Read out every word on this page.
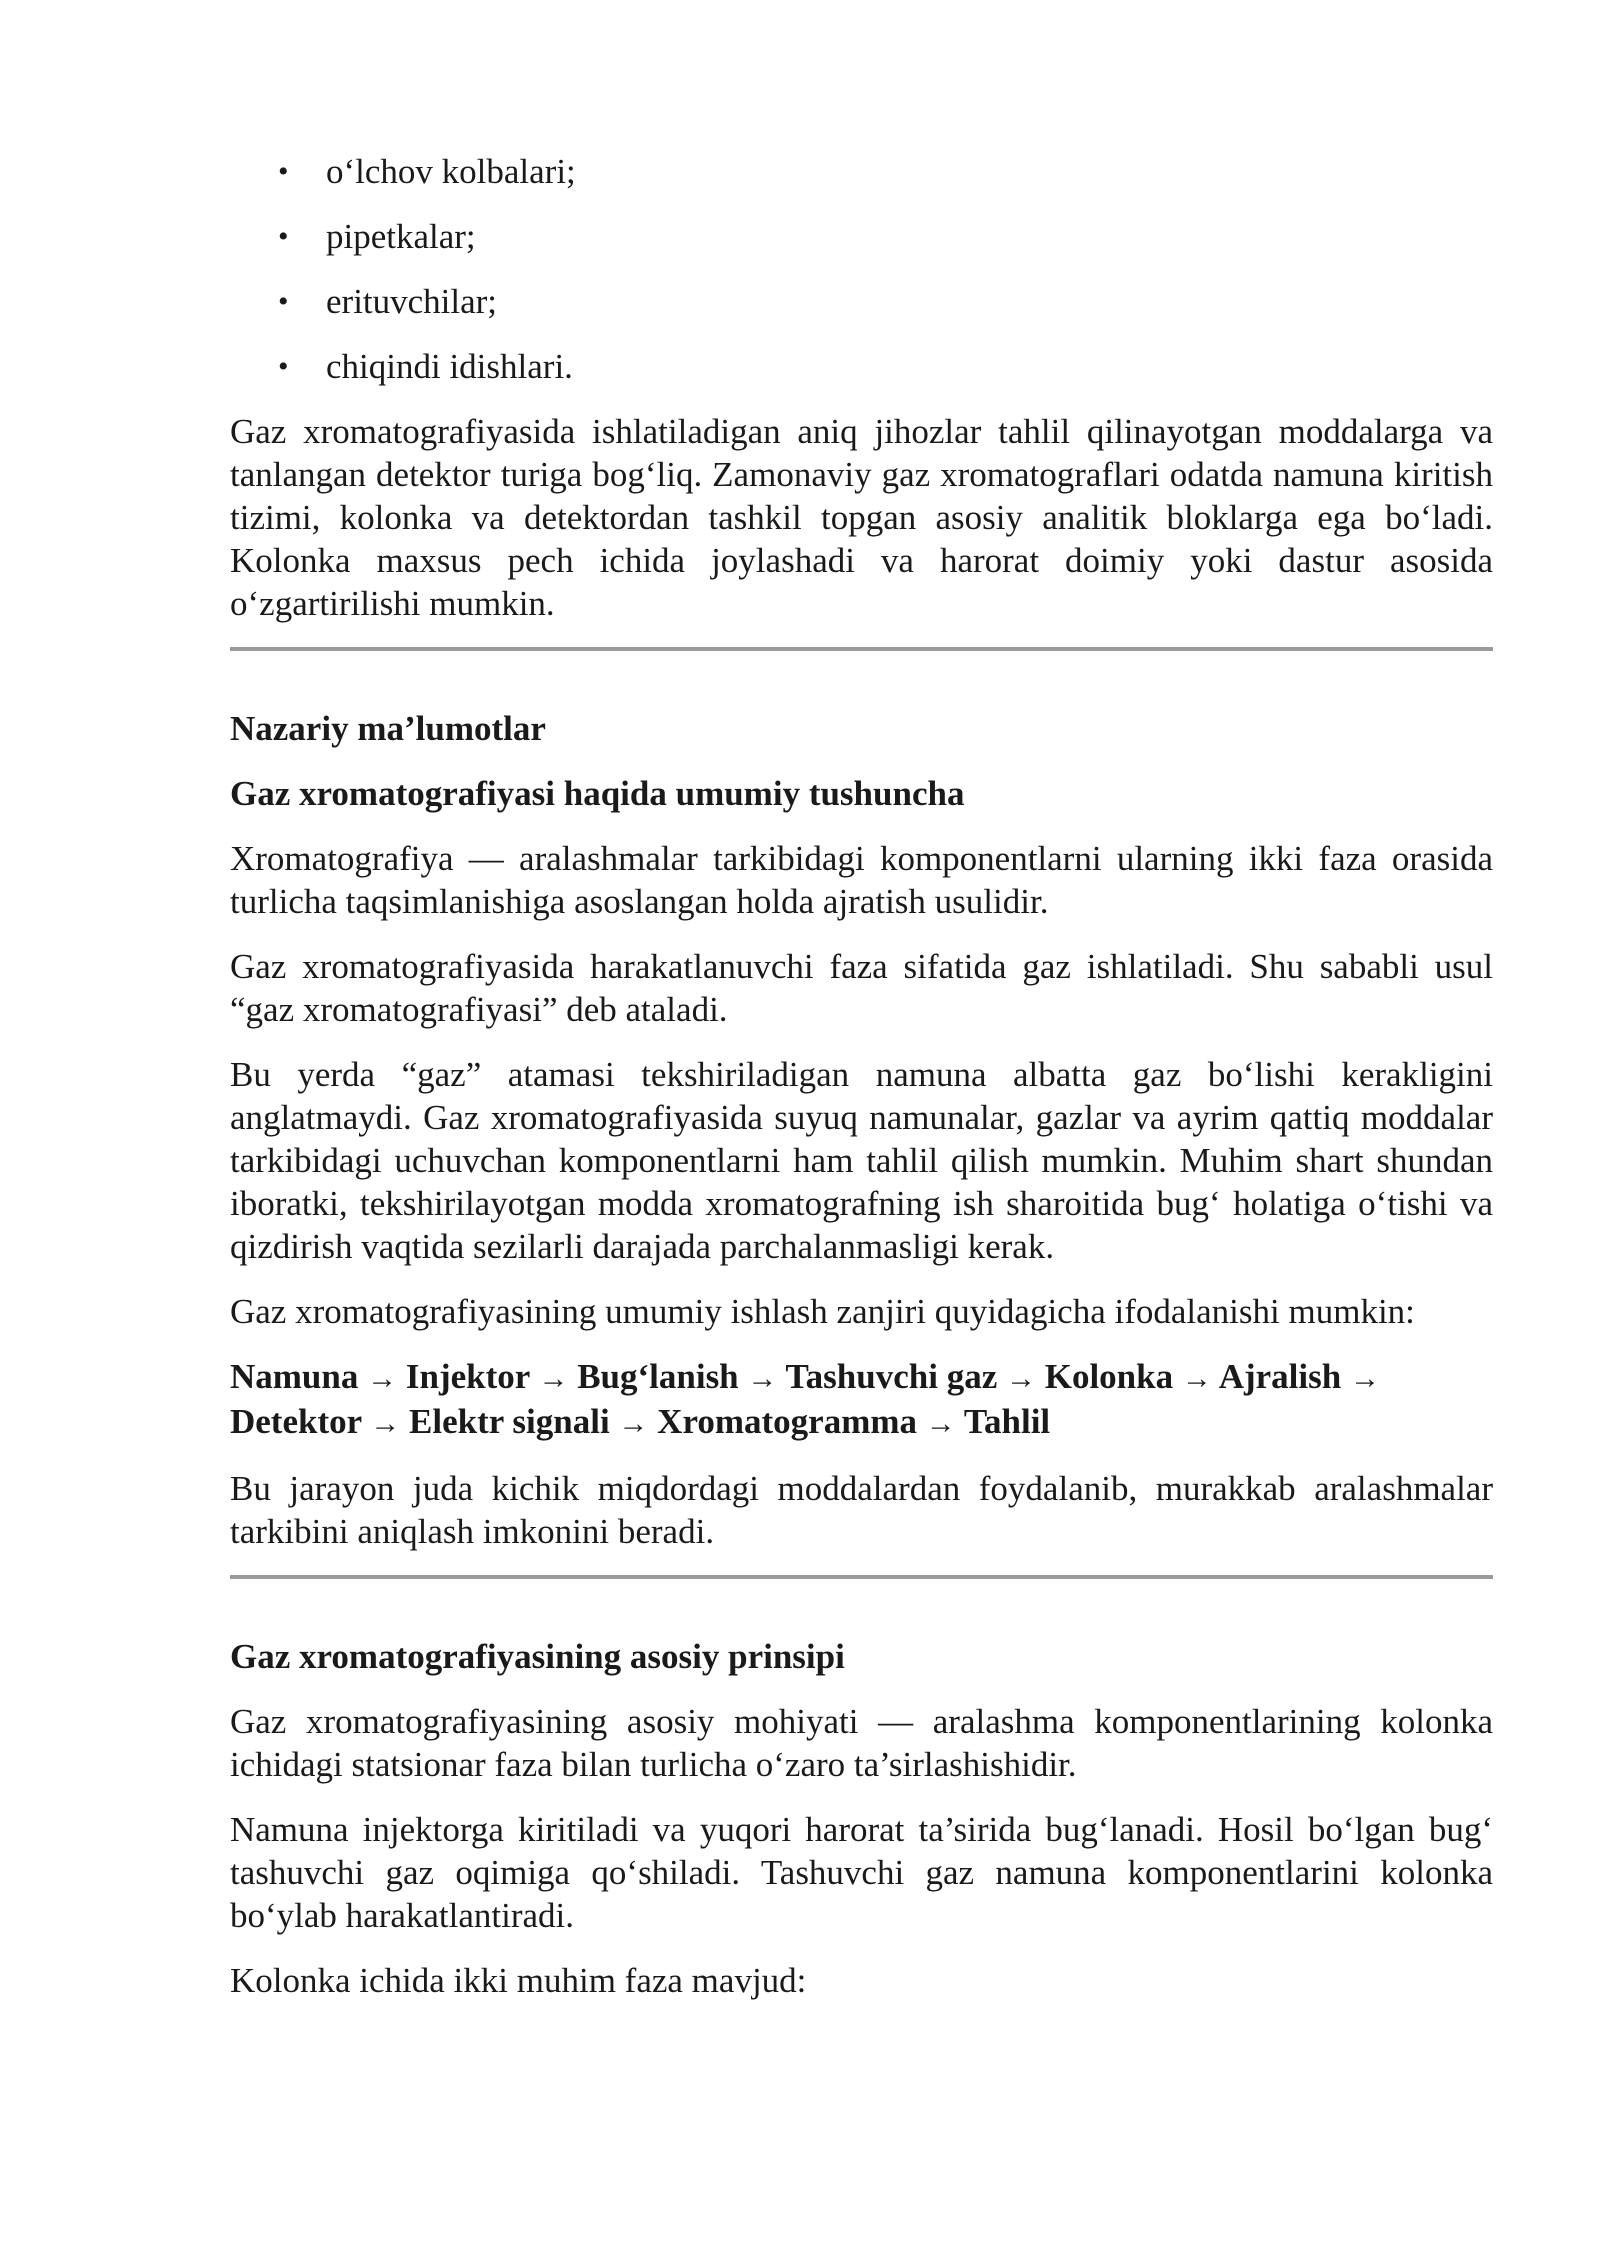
• o‘lchov kolbalari;
• pipetkalar;
• erituvchilar;
• chiqindi idishlari.

Gaz xromatografiyasida ishlatiladigan aniq jihozlar tahlil qilinayotgan moddalarga va tanlangan detektor turiga bog‘liq. Zamonaviy gaz xromatograflari odatda namuna kiritish tizimi, kolonka va detektordan tashkil topgan asosiy analitik bloklarga ega bo‘ladi. Kolonka maxsus pech ichida joylashadi va harorat doimiy yoki dastur asosida o‘zgartirilishi mumkin.

Nazariy ma’lumotlar
Gaz xromatografiyasi haqida umumiy tushuncha

Xromatografiya — aralashmalar tarkibidagi komponentlarni ularning ikki faza orasida turlicha taqsimlanishiga asoslangan holda ajratish usulidir.

Gaz xromatografiyasida harakatlanuvchi faza sifatida gaz ishlatiladi. Shu sababli usul “gaz xromatografiyasi” deb ataladi.

Bu yerda “gaz” atamasi tekshiriladigan namuna albatta gaz bo‘lishi kerakligini anglatmaydi. Gaz xromatografiyasida suyuq namunalar, gazlar va ayrim qattiq moddalar tarkibidagi uchuvchan komponentlarni ham tahlil qilish mumkin. Muhim shart shundan iboratki, tekshirilayotgan modda xromatografning ish sharoitida bug‘ holatiga o‘tishi va qizdirish vaqtida sezilarli darajada parchalanmasligi kerak.

Gaz xromatografiyasining umumiy ishlash zanjiri quyidagicha ifodalanishi mumkin:

Namuna → Injektor → Bug‘lanish → Tashuvchi gaz → Kolonka → Ajralish → Detektor → Elektr signali → Xromatogramma → Tahlil

Bu jarayon juda kichik miqdordagi moddalardan foydalanib, murakkab aralashmalar tarkibini aniqlash imkonini beradi.

Gaz xromatografiyasining asosiy prinsipi

Gaz xromatografiyasining asosiy mohiyati — aralashma komponentlarining kolonka ichidagi statsionar faza bilan turlicha o‘zaro ta’sirlashishidir.

Namuna injektorga kiritiladi va yuqori harorat ta’sirida bug‘lanadi. Hosil bo‘lgan bug‘ tashuvchi gaz oqimiga qo‘shiladi. Tashuvchi gaz namuna komponentlarini kolonka bo‘ylab harakatlantiradi.

Kolonka ichida ikki muhim faza mavjud:
